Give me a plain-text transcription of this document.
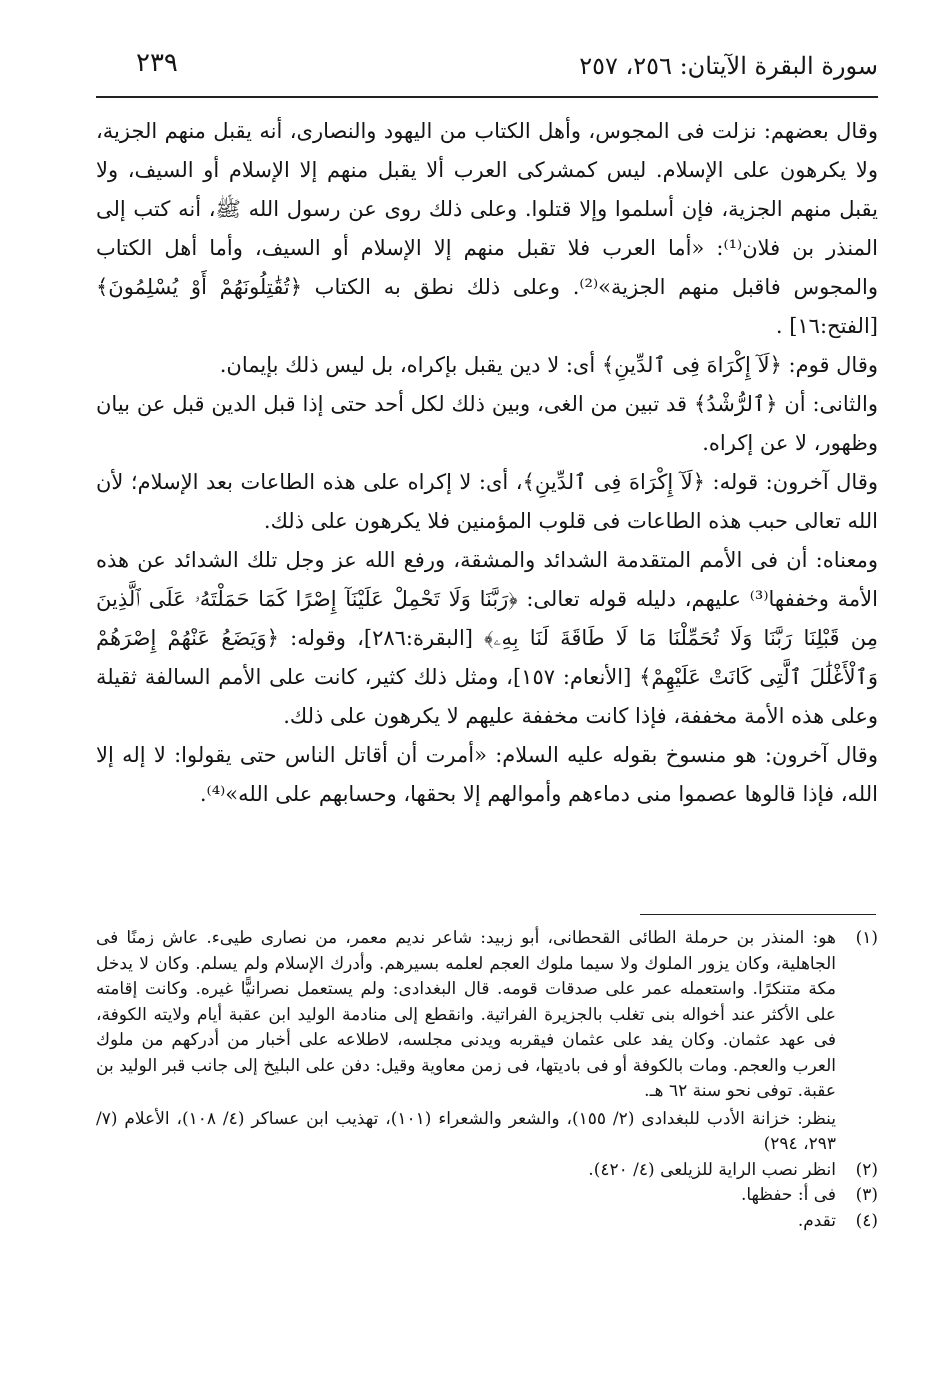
سورة البقرة الآيتان: ٢٥٦، ٢٥٧
٢٣٩

وقال بعضهم: نزلت فى المجوس، وأهل الكتاب من اليهود والنصارى، أنه يقبل منهم الجزية، ولا يكرهون على الإسلام. ليس كمشركى العرب ألا يقبل منهم إلا الإسلام أو السيف، ولا يقبل منهم الجزية، فإن أسلموا وإلا قتلوا. وعلى ذلك روى عن رسول الله ﷺ، أنه كتب إلى المنذر بن فلان⁽¹⁾: «أما العرب فلا تقبل منهم إلا الإسلام أو السيف، وأما أهل الكتاب والمجوس فاقبل منهم الجزية»⁽²⁾. وعلى ذلك نطق به الكتاب ﴿تُقَٰتِلُونَهُمْ أَوْ يُسْلِمُونَ﴾[الفتح:١٦] .

وقال قوم: ﴿لَآ إِكْرَاهَ فِى ٱلدِّينِ﴾ أى: لا دين يقبل بإكراه، بل ليس ذلك بإيمان.

والثانى: أن ﴿ٱلرُّشْدُ﴾ قد تبين من الغى، وبين ذلك لكل أحد حتى إذا قبل الدين قبل عن بيان وظهور، لا عن إكراه.

وقال آخرون: قوله: ﴿لَآ إِكْرَاهَ فِى ٱلدِّينِ﴾، أى: لا إكراه على هذه الطاعات بعد الإسلام؛ لأن الله تعالى حبب هذه الطاعات فى قلوب المؤمنين فلا يكرهون على ذلك.

ومعناه: أن فى الأمم المتقدمة الشدائد والمشقة، ورفع الله عز وجل تلك الشدائد عن هذه الأمة وخففها⁽³⁾ عليهم، دليله قوله تعالى: ﴿رَبَّنَا وَلَا تَحْمِلْ عَلَيْنَآ إِصْرًا كَمَا حَمَلْتَهُۥ عَلَى ٱلَّذِينَ مِن قَبْلِنَا رَبَّنَا وَلَا تُحَمِّلْنَا مَا لَا طَاقَةَ لَنَا بِهِۦ﴾ [البقرة:٢٨٦]، وقوله: ﴿وَيَضَعُ عَنْهُمْ إِصْرَهُمْ وَٱلْأَغْلَٰلَ ٱلَّتِى كَانَتْ عَلَيْهِمْ﴾ [الأنعام: ١٥٧]، ومثل ذلك كثير، كانت على الأمم السالفة ثقيلة وعلى هذه الأمة مخففة، فإذا كانت مخففة عليهم لا يكرهون على ذلك.

وقال آخرون: هو منسوخ بقوله عليه السلام: «أمرت أن أقاتل الناس حتى يقولوا: لا إله إلا الله، فإذا قالوها عصموا منى دماءهم وأموالهم إلا بحقها، وحسابهم على الله»⁽⁴⁾.

(١)
هو: المنذر بن حرملة الطائى القحطانى، أبو زبيد: شاعر نديم معمر، من نصارى طيىء. عاش زمنًا فى الجاهلية، وكان يزور الملوك ولا سيما ملوك العجم لعلمه بسيرهم. وأدرك الإسلام ولم يسلم. وكان لا يدخل مكة متنكرًا. واستعمله عمر على صدقات قومه. قال البغدادى: ولم يستعمل نصرانيًّا غيره. وكانت إقامته على الأكثر عند أخواله بنى تغلب بالجزيرة الفراتية. وانقطع إلى منادمة الوليد ابن عقبة أيام ولايته الكوفة، فى عهد عثمان. وكان يفد على عثمان فيقربه ويدنى مجلسه، لاطلاعه على أخبار من أدركهم من ملوك العرب والعجم. ومات بالكوفة أو فى باديتها، فى زمن معاوية وقيل: دفن على البليخ إلى جانب قبر الوليد بن عقبة. توفى نحو سنة ٦٢ هـ.
ينظر: خزانة الأدب للبغدادى (٢/ ١٥٥)، والشعر والشعراء (١٠١)، تهذيب ابن عساكر (٤/ ١٠٨)، الأعلام (٧/ ٢٩٣، ٢٩٤)
(٢)
انظر نصب الراية للزيلعى (٤/ ٤٢٠).
(٣)
فى أ: حفظها.
(٤)
تقدم.
